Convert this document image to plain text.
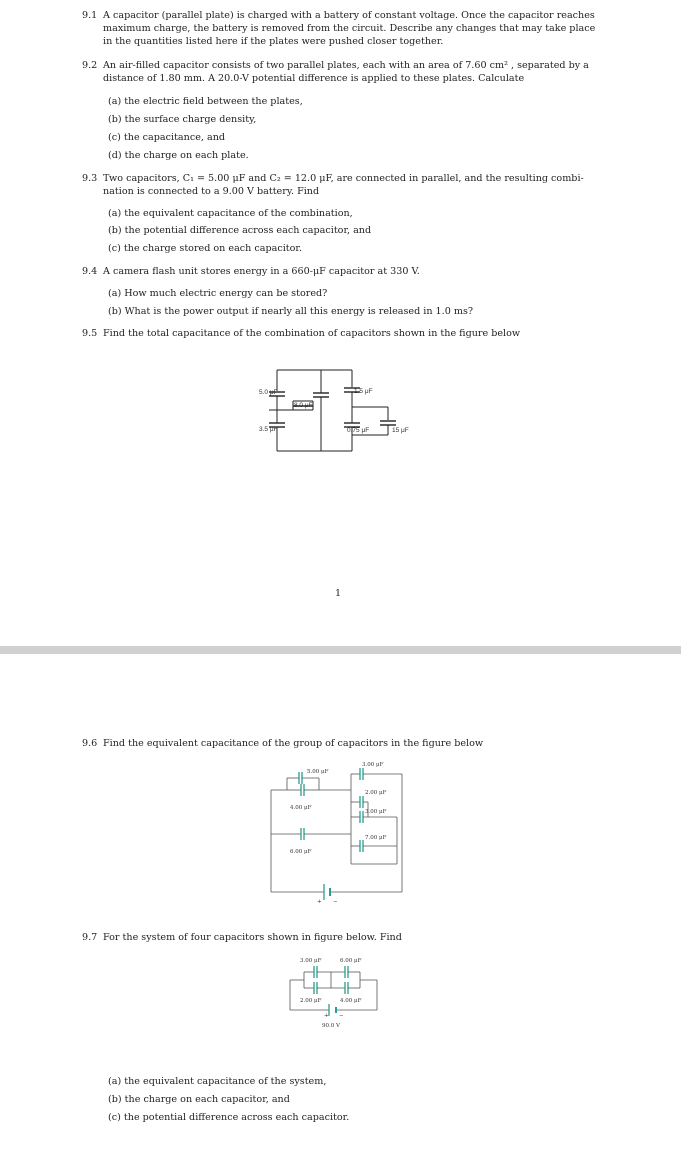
9.1 A capacitor (parallel plate) is charged with a battery of constant voltage. Once the capacitor reaches
maximum charge, the battery is removed from the circuit. Describe any changes that may take place
in the quantities listed here if the plates were pushed closer together.
9.2 An air-filled capacitor consists of two parallel plates, each with an area of 7.60 cm² , separated by a
distance of 1.80 mm. A 20.0-V potential difference is applied to these plates. Calculate
(a) the electric field between the plates,
(b) the surface charge density,
(c) the capacitance, and
(d) the charge on each plate.
9.3 Two capacitors, C₁ = 5.00 μF and C₂ = 12.0 μF, are connected in parallel, and the resulting combi-
nation is connected to a 9.00 V battery. Find
(a) the equivalent capacitance of the combination,
(b) the potential difference across each capacitor, and
(c) the charge stored on each capacitor.
9.4 A camera flash unit stores energy in a 660-μF capacitor at 330 V.
(a) How much electric energy can be stored?
(b) What is the power output if nearly all this energy is released in 1.0 ms?
9.5 Find the total capacitance of the combination of capacitors shown in the figure below
5.0 μF
8.0 μF
1.5 μF
3.5 μF	0.75 μF	15 μF
1
9.6 Find the equivalent capacitance of the group of capacitors in the figure below
5.00 μF
4.00 μF
6.00 μF
3.00 μF
2.00 μF
3.00 μF
7.00 μF
+ −
9.7 For the system of four capacitors shown in figure below. Find
3.00 μF	6.00 μF
2.00 μF	4.00 μF
+ −
90.0 V
(a) the equivalent capacitance of the system,
(b) the charge on each capacitor, and
(c) the potential difference across each capacitor.
